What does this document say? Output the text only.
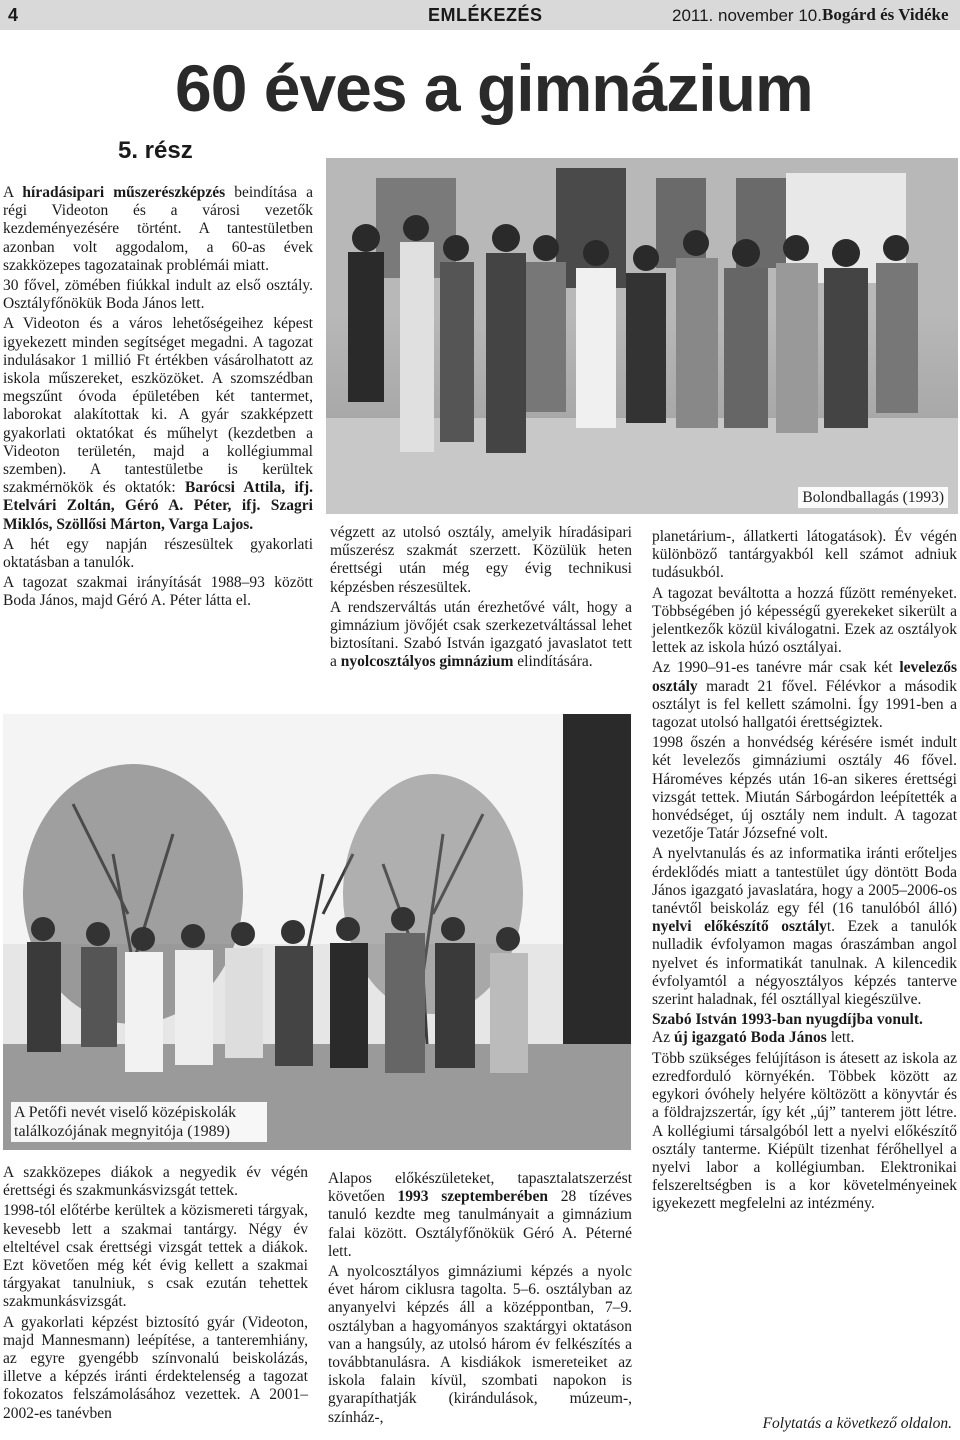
4	EMLÉKEZÉS	2011. november 10. Bogárd és Vidéke
60 éves a gimnázium
5. rész

A híradásipari műszerészképzés beindítása a régi Videoton és a városi vezetők kezdeményezésére történt. A tantestületben azonban volt aggodalom, a 60-as évek szakközepes tagozatainak problémái miatt.

30 fővel, zömében fiúkkal indult az első osztály. Osztályfőnökük Boda János lett.

A Videoton és a város lehetőségeihez képest igyekezett minden segítséget megadni. A tagozat indulásakor 1 millió Ft értékben vásárolhatott az iskola műszereket, eszközöket. A szomszédban megszűnt óvoda épületében két tantermet, laborokat alakítottak ki. A gyár szakképzett gyakorlati oktatókat és műhelyt (kezdetben a Videoton területén, majd a kollégiummal szemben). A tantestületbe is kerültek szakmérnökök és oktatók: Barócsi Attila, ifj. Etelvári Zoltán, Géró A. Péter, ifj. Szagri Miklós, Szöllősi Márton, Varga Lajos.

A hét egy napján részesültek gyakorlati oktatásban a tanulók.

A tagozat szakmai irányítását 1988–93 között Boda János, majd Géró A. Péter látta el.

Bolondballagás (1993)

végzett az utolsó osztály, amelyik híradásipari műszerész szakmát szerzett. Közülük heten érettségi után még egy évig technikusi képzésben részesültek.

A rendszerváltás után érezhetővé vált, hogy a gimnázium jövőjét csak szerkezetváltással lehet biztosítani. Szabó István igazgató javaslatot tett a nyolcosztályos gimnázium elindítására.

A Petőfi nevét viselő középiskolák találkozójának megnyitója (1989)

planetárium-, állatkerti látogatások). Év végén különböző tantárgyakból kell számot adniuk tudásukból.

A tagozat beváltotta a hozzá fűzött reményeket. Többségében jó képességű gyerekeket sikerült a jelentkezők közül kiválogatni. Ezek az osztályok lettek az iskola húzó osztályai.

Az 1990–91-es tanévre már csak két levelezős osztály maradt 21 fővel. Félévkor a második osztályt is fel kellett számolni. Így 1991-ben a tagozat utolsó hallgatói érettségiztek.

1998 őszén a honvédség kérésére ismét indult két levelezős gimnáziumi osztály 46 fővel. Hároméves képzés után 16-an sikeres érettségi vizsgát tettek. Miután Sárbogárdon leépítették a honvédséget, új osztály nem indult. A tagozat vezetője Tatár Józsefné volt.

A nyelvtanulás és az informatika iránti erőteljes érdeklődés miatt a tantestület úgy döntött Boda János igazgató javaslatára, hogy a 2005–2006-os tanévtől beiskoláz egy fél (16 tanulóból álló) nyelvi előkészítő osztályt. Ezek a tanulók nulladik évfolyamon magas óraszámban angol nyelvet és informatikát tanulnak. A kilencedik évfolyamtól a négyosztályos képzés tanterve szerint haladnak, fél osztállyal kiegészülve.

Szabó István 1993-ban nyugdíjba vonult.

Az új igazgató Boda János lett.

Több szükséges felújításon is átesett az iskola az ezredforduló környékén. Többek között az egykori óvóhely helyére költözött a könyvtár és a földrajzszertár, így két „új” tanterem jött létre. A kollégiumi társalgóból lett a nyelvi előkészítő osztály tanterme. Kiépült tizenhat férőhellyel a nyelvi labor a kollégiumban. Elektronikai felszereltségben is a kor követelményeinek igyekezett megfelelni az intézmény.

Folytatás a következő oldalon.

A szakközepes diákok a negyedik év végén érettségi és szakmunkásvizsgát tettek.

1998-tól előtérbe kerültek a közismereti tárgyak, kevesebb lett a szakmai tantárgy. Négy év elteltével csak érettségi vizsgát tettek a diákok. Ezt követően még két évig kellett a szakmai tárgyakat tanulniuk, s csak ezután tehettek szakmunkásvizsgát.

A gyakorlati képzést biztosító gyár (Videoton, majd Mannesmann) leépítése, a tanteremhiány, az egyre gyengébb színvonalú beiskolázás, illetve a képzés iránti érdektelenség a tagozat fokozatos felszámolásához vezettek. A 2001–2002-es tanévben

Alapos előkészületeket, tapasztalatszerzést követően 1993 szeptemberében 28 tízéves tanuló kezdte meg tanulmányait a gimnázium falai között. Osztályfőnökük Géró A. Péterné lett.

A nyolcosztályos gimnáziumi képzés a nyolc évet három ciklusra tagolta. 5–6. osztályban az anyanyelvi képzés áll a középpontban, 7–9. osztályban a hagyományos szaktárgyi oktatáson van a hangsúly, az utolsó három év felkészítés a továbbtanulásra. A kisdiákok ismereteiket az iskola falain kívül, szombati napokon is gyarapíthatják (kirándulások, múzeum-, színház-,
